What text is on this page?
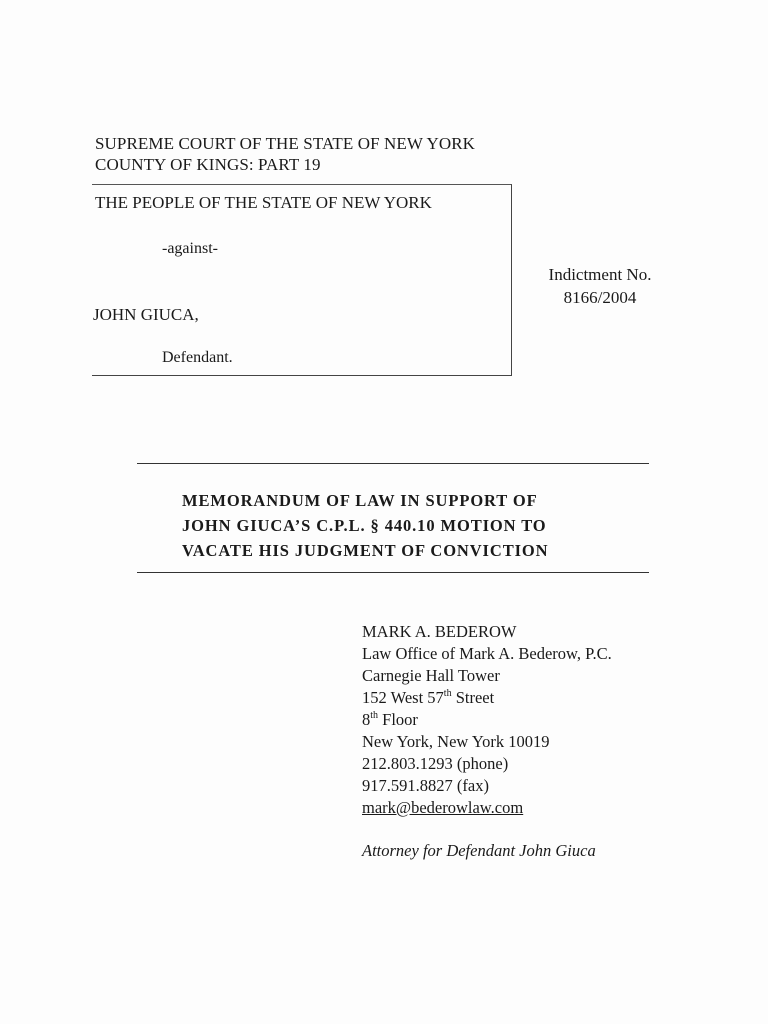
SUPREME COURT OF THE STATE OF NEW YORK
COUNTY OF KINGS: PART 19
THE PEOPLE OF THE STATE OF NEW YORK
-against-
JOHN GIUCA,
Defendant.
Indictment No.
8166/2004
MEMORANDUM OF LAW IN SUPPORT OF
JOHN GIUCA’S C.P.L. § 440.10 MOTION TO
VACATE HIS JUDGMENT OF CONVICTION
MARK A. BEDEROW
Law Office of Mark A. Bederow, P.C.
Carnegie Hall Tower
152 West 57th Street
8th Floor
New York, New York 10019
212.803.1293 (phone)
917.591.8827 (fax)
mark@bederowlaw.com
Attorney for Defendant John Giuca
